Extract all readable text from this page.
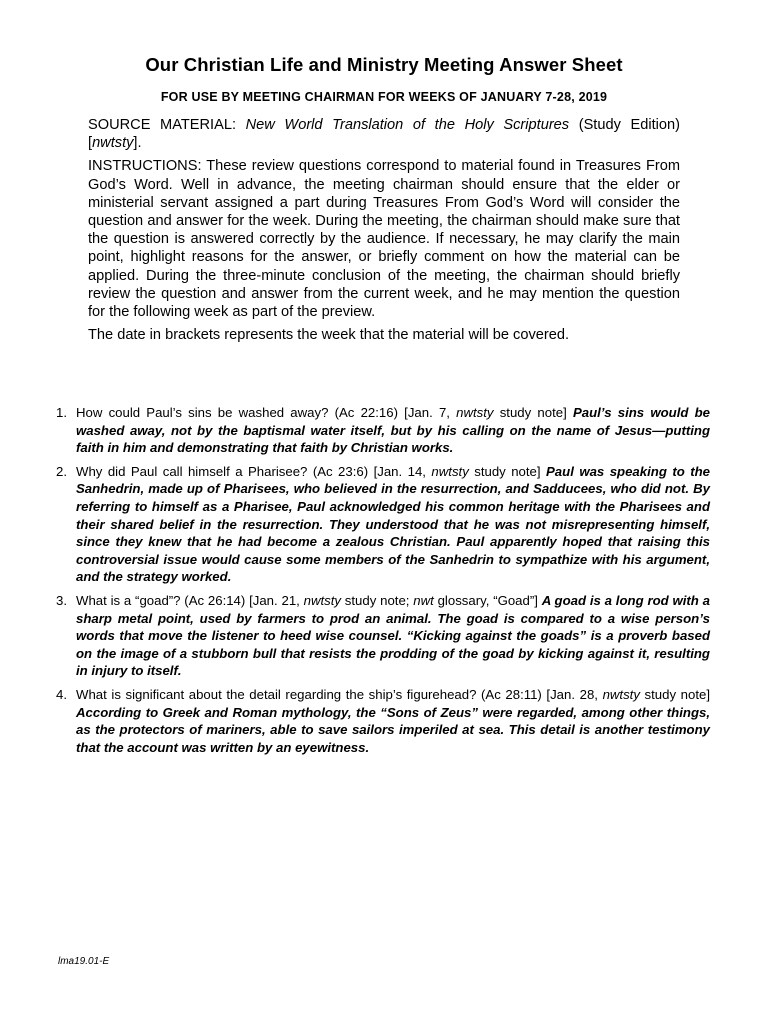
Our Christian Life and Ministry Meeting Answer Sheet
FOR USE BY MEETING CHAIRMAN FOR WEEKS OF JANUARY 7-28, 2019

SOURCE MATERIAL: New World Translation of the Holy Scriptures (Study Edition) [nwtsty].

INSTRUCTIONS: These review questions correspond to material found in Treasures From God’s Word. Well in advance, the meeting chairman should ensure that the elder or ministerial servant assigned a part during Treasures From God’s Word will consider the question and answer for the week. During the meeting, the chairman should make sure that the question is answered correctly by the audience. If necessary, he may clarify the main point, highlight reasons for the answer, or briefly comment on how the material can be applied. During the three-minute conclusion of the meeting, the chairman should briefly review the question and answer from the current week, and he may mention the question for the following week as part of the preview.

The date in brackets represents the week that the material will be covered.

1. How could Paul’s sins be washed away? (Ac 22:16) [Jan. 7, nwtsty study note] Paul’s sins would be washed away, not by the baptismal water itself, but by his calling on the name of Jesus—putting faith in him and demonstrating that faith by Christian works.
2. Why did Paul call himself a Pharisee? (Ac 23:6) [Jan. 14, nwtsty study note] Paul was speaking to the Sanhedrin, made up of Pharisees, who believed in the resurrection, and Sadducees, who did not. By referring to himself as a Pharisee, Paul acknowledged his common heritage with the Pharisees and their shared belief in the resurrection. They understood that he was not misrepresenting himself, since they knew that he had become a zealous Christian. Paul apparently hoped that raising this controversial issue would cause some members of the Sanhedrin to sympathize with his argument, and the strategy worked.
3. What is a “goad”? (Ac 26:14) [Jan. 21, nwtsty study note; nwt glossary, “Goad”] A goad is a long rod with a sharp metal point, used by farmers to prod an animal. The goad is compared to a wise person’s words that move the listener to heed wise counsel. “Kicking against the goads” is a proverb based on the image of a stubborn bull that resists the prodding of the goad by kicking against it, resulting in injury to itself.
4. What is significant about the detail regarding the ship’s figurehead? (Ac 28:11) [Jan. 28, nwtsty study note] According to Greek and Roman mythology, the “Sons of Zeus” were regarded, among other things, as the protectors of mariners, able to save sailors imperiled at sea. This detail is another testimony that the account was written by an eyewitness.
lma19.01-E
